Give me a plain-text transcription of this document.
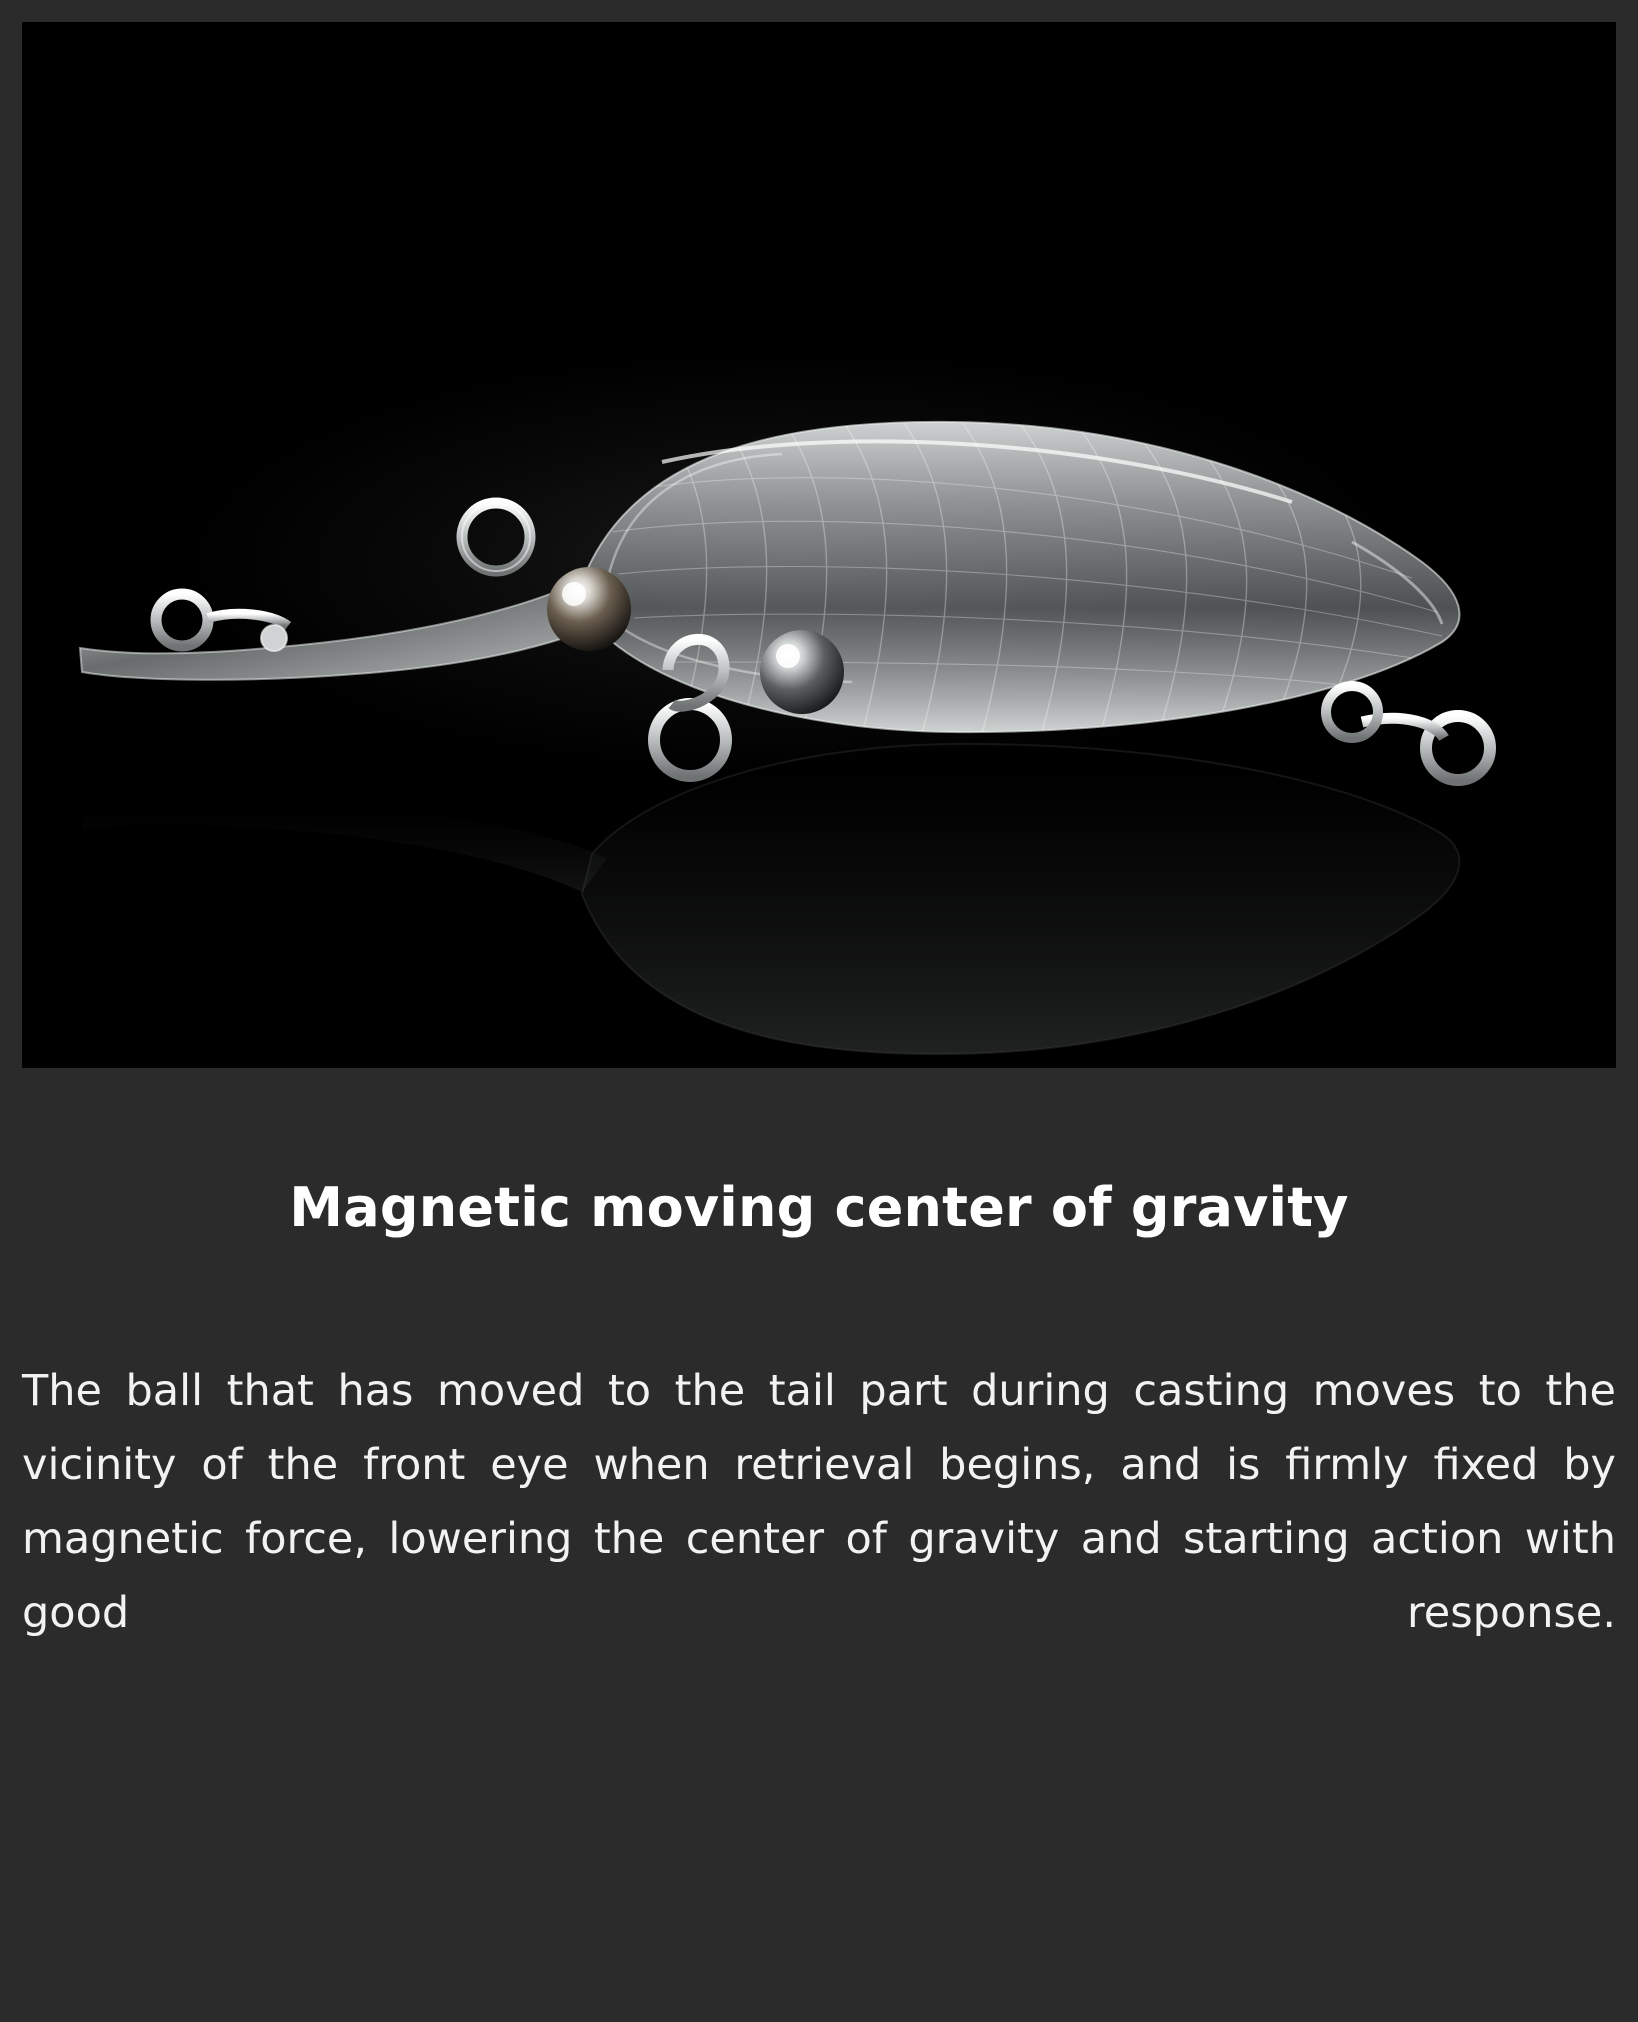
Magnetic moving center of gravity

The ball that has moved to the tail part during casting moves to the vicinity of the front eye when retrieval begins, and is firmly fixed by magnetic force, lowering the center of gravity and starting action with good response.
